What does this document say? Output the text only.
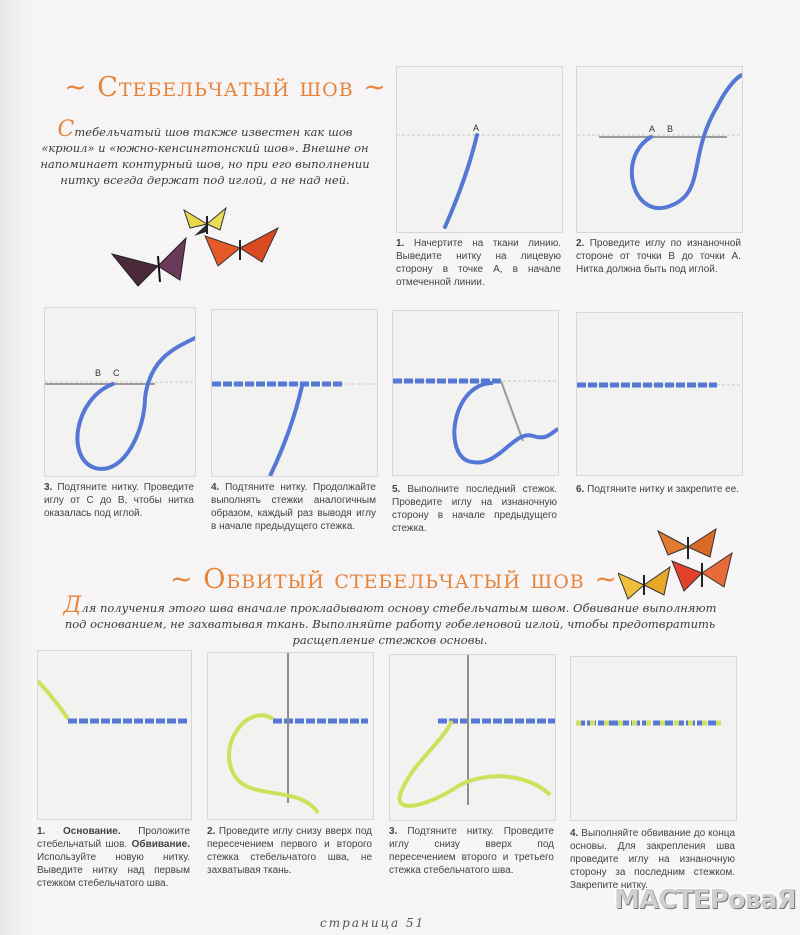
~ Стебельчатый шов ~
Стебельчатый шов также известен как шов «крюил» и «южно-кенсингтонский шов». Внешне он напоминает контурный шов, но при его выполнении нитку всегда держат под иглой, а не над ней.
A	A B
1. Начертите на ткани линию. Выведите нитку на лицевую сторону в точке А, в начале отмеченной линии.
2. Проведите иглу по изнаночной стороне от точки В до точки А. Нитка должна быть под иглой.
B C
3. Подтяните нитку. Проведите иглу от С до В, чтобы нитка оказалась под иглой.
4. Подтяните нитку. Продолжайте выполнять стежки аналогичным образом, каждый раз выводя иглу в начале предыдущего стежка.
5. Выполните последний стежок. Проведите иглу на изнаночную сторону в начале предыдущего стежка.
6. Подтяните нитку и закрепите ее.
~ Обвитый стебельчатый шов ~
Для получения этого шва вначале прокладывают основу стебельчатым швом. Обвивание выполняют под основанием, не захватывая ткань. Выполняйте работу гобеленовой иглой, чтобы предотвратить расщепление стежков основы.
1. Основание. Проложите стебельчатый шов. Обвивание. Используйте новую нитку. Выведите нитку над первым стежком стебельчатого шва.
2. Проведите иглу снизу вверх под пересечением первого и второго стежка стебельчатого шва, не захватывая ткань.
3. Подтяните нитку. Проведите иглу снизу вверх под пересечением второго и третьего стежка стебельчатого шва.
4. Выполняйте обвивание до конца основы. Для закрепления шва проведите иглу на изнаночную сторону за последним стежком. Закрепите нитку.
страница 51
МАСТЕРоваЯ
